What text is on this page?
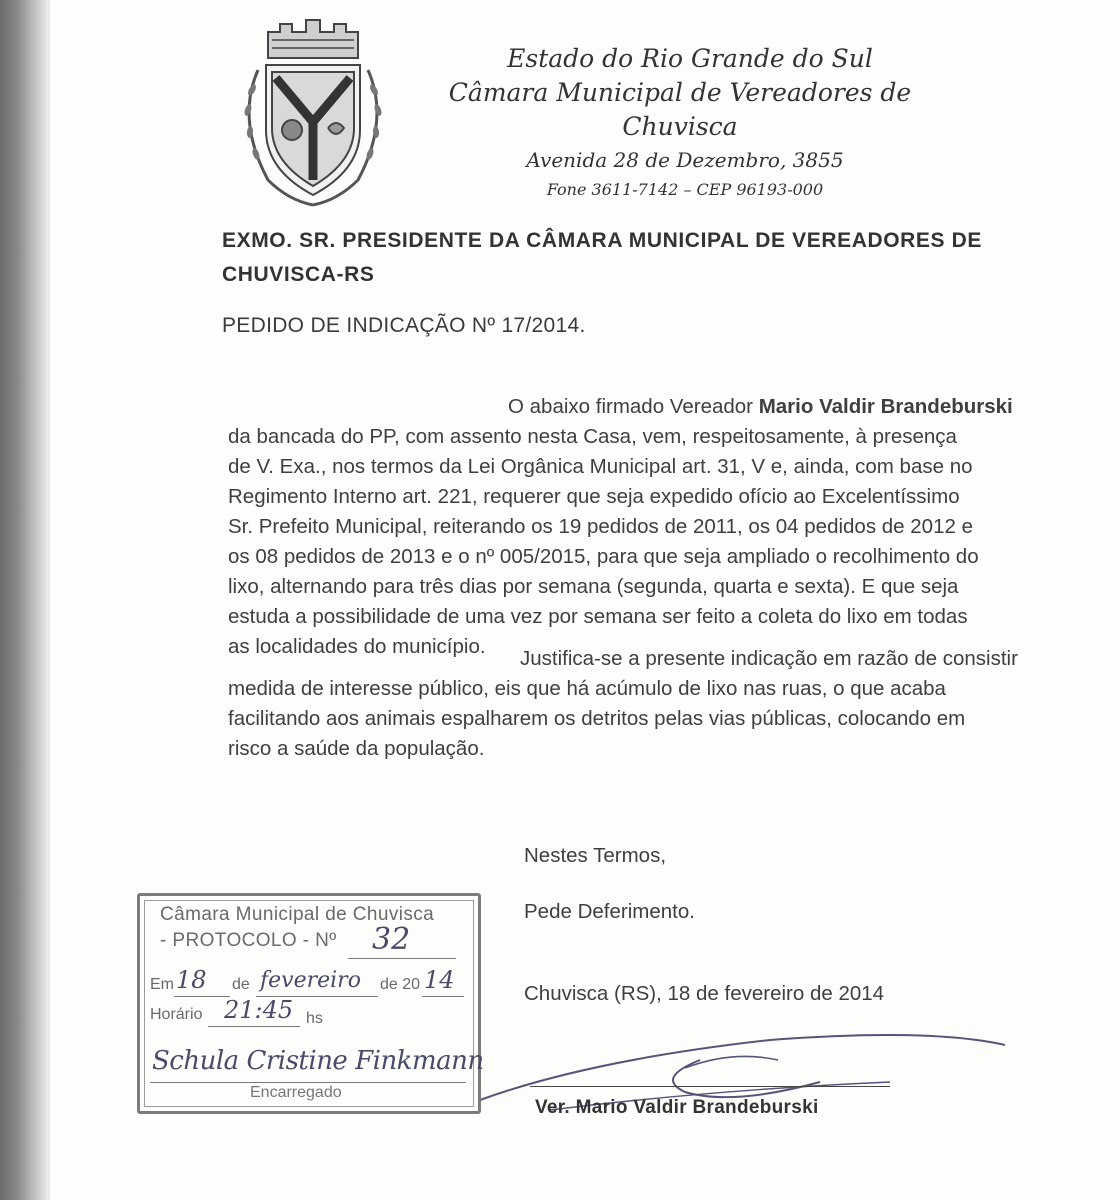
Estado do Rio Grande do Sul
Câmara Municipal de Vereadores de Chuvisca
Avenida 28 de Dezembro, 3855
Fone 3611-7142 – CEP 96193-000
EXMO. SR. PRESIDENTE DA CÂMARA MUNICIPAL DE VEREADORES DE
CHUVISCA-RS
PEDIDO DE INDICAÇÃO Nº 17/2014.
O abaixo firmado Vereador Mario Valdir Brandeburski
da bancada do PP, com assento nesta Casa, vem, respeitosamente, à presença
de V. Exa., nos termos da Lei Orgânica Municipal art. 31, V e, ainda, com base no
Regimento Interno art. 221, requerer que seja expedido ofício ao Excelentíssimo
Sr. Prefeito Municipal, reiterando os 19 pedidos de 2011, os 04 pedidos de 2012 e
os 08 pedidos de 2013 e o nº 005/2015, para que seja ampliado o recolhimento do
lixo, alternando para três dias por semana (segunda, quarta e sexta). E que seja
estuda a possibilidade de uma vez por semana ser feito a coleta do lixo em todas
as localidades do município.
Justifica-se a presente indicação em razão de consistir
medida de interesse público, eis que há acúmulo de lixo nas ruas, o que acaba
facilitando aos animais espalharem os detritos pelas vias públicas, colocando em
risco a saúde da população.
Nestes Termos,
Pede Deferimento.
Chuvisca (RS), 18 de fevereiro de 2014
Ver. Mario Valdir Brandeburski
Câmara Municipal de Chuvisca
- PROTOCOLO - Nº 32
Em 18 de fevereiro de 20 14
Horário 21:45 hs
Schula Cristine Finkmann
Encarregado
